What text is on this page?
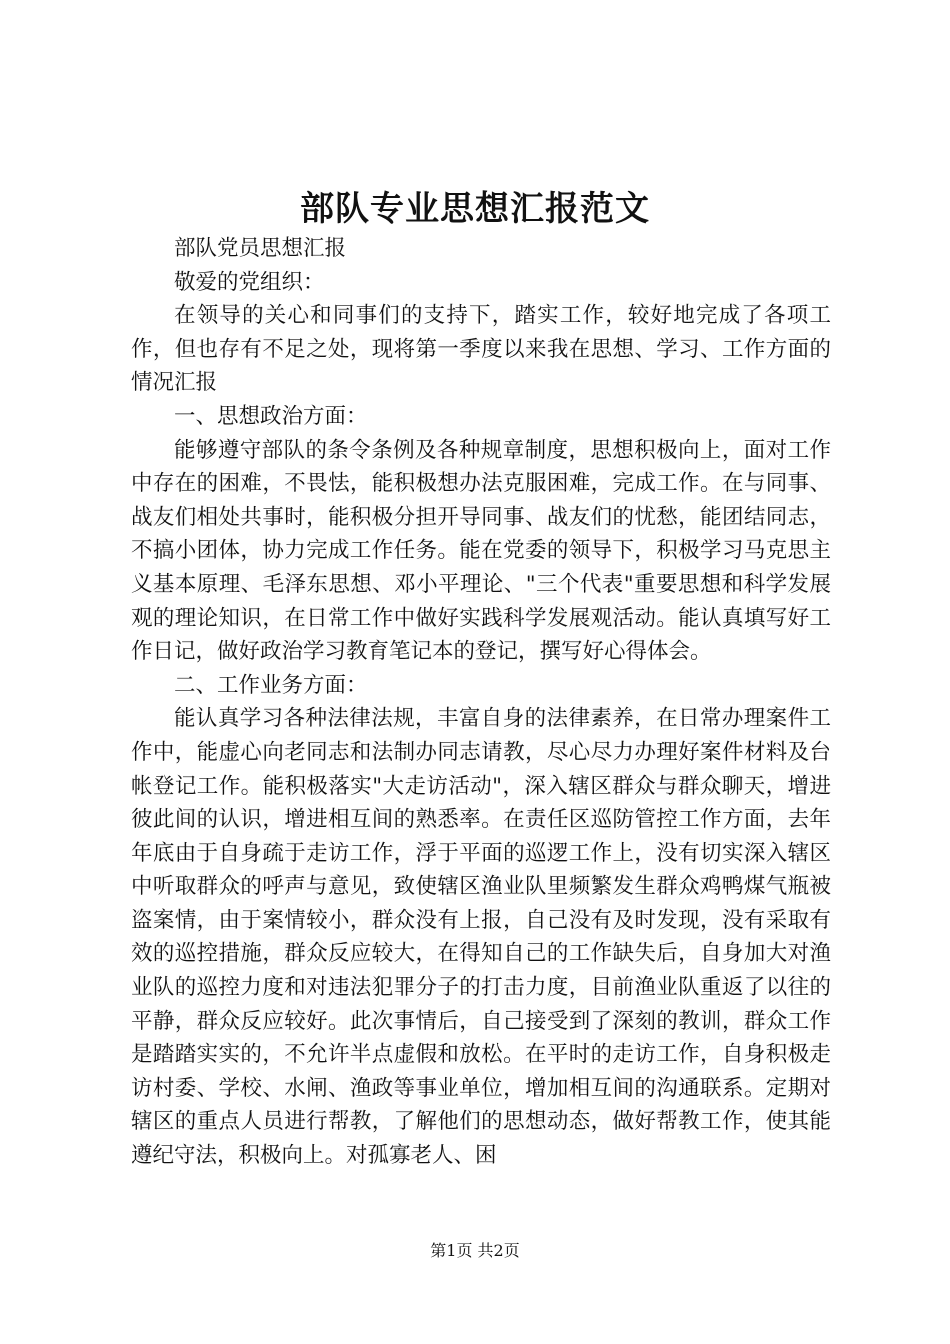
部队专业思想汇报范文

部队党员思想汇报

敬爱的党组织：

在领导的关心和同事们的支持下，踏实工作，较好地完成了各项工作，但也存有不足之处，现将第一季度以来我在思想、学习、工作方面的情况汇报

一、思想政治方面：

能够遵守部队的条令条例及各种规章制度，思想积极向上，面对工作中存在的困难，不畏怯，能积极想办法克服困难，完成工作。在与同事、战友们相处共事时，能积极分担开导同事、战友们的忧愁，能团结同志，不搞小团体，协力完成工作任务。能在党委的领导下，积极学习马克思主义基本原理、毛泽东思想、邓小平理论、"三个代表"重要思想和科学发展观的理论知识，在日常工作中做好实践科学发展观活动。能认真填写好工作日记，做好政治学习教育笔记本的登记，撰写好心得体会。

二、工作业务方面：

能认真学习各种法律法规，丰富自身的法律素养，在日常办理案件工作中，能虚心向老同志和法制办同志请教，尽心尽力办理好案件材料及台帐登记工作。能积极落实"大走访活动"，深入辖区群众与群众聊天，增进彼此间的认识，增进相互间的熟悉率。在责任区巡防管控工作方面，去年年底由于自身疏于走访工作，浮于平面的巡逻工作上，没有切实深入辖区中听取群众的呼声与意见，致使辖区渔业队里频繁发生群众鸡鸭煤气瓶被盗案情，由于案情较小，群众没有上报，自己没有及时发现，没有采取有效的巡控措施，群众反应较大，在得知自己的工作缺失后，自身加大对渔业队的巡控力度和对违法犯罪分子的打击力度，目前渔业队重返了以往的平静，群众反应较好。此次事情后，自己接受到了深刻的教训，群众工作是踏踏实实的，不允许半点虚假和放松。在平时的走访工作，自身积极走访村委、学校、水闸、渔政等事业单位，增加相互间的沟通联系。定期对辖区的重点人员进行帮教，了解他们的思想动态，做好帮教工作，使其能遵纪守法，积极向上。对孤寡老人、困

第1页 共2页
